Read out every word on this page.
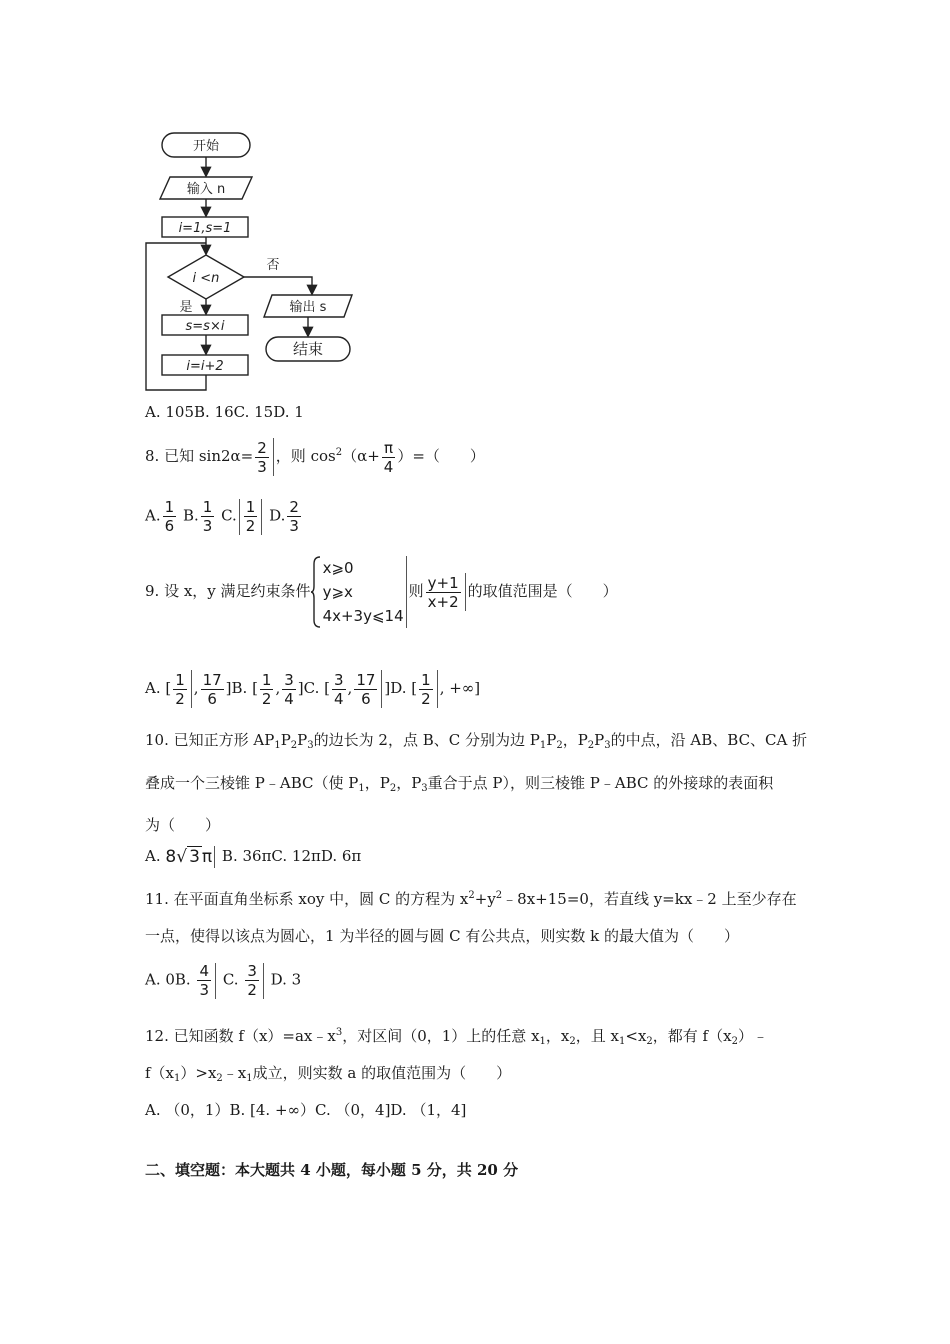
开始
输入 n
i=1,s=1
i <n
否
是	输出 s
结束
s=s×i
i=i+2
A. 105B. 16C. 15D. 1
8. 已知 $\sin 2\alpha= \frac{2}{3}$ ，则 $\cos^2(\alpha+ \frac{\pi}{4}$ ）=（　　）
A. $\frac{1}{6} B$. $\frac{1}{3} C$. $\frac{1}{2} D$. $\frac{2}{3}$
9. 设 x，y 满足约束条件
x⩾0
y⩾x
4x+3y⩽14
则 $\frac{y+1}{x+2}$ 的取值范围是（　　）
A. [ $\frac{1}{2}$ , $\frac{17}{6} ]B$. [ $\frac{1}{2}$ , $\frac{3}{4} ]C$. [ $\frac{3}{4}$ , $\frac{17}{6} ]D$. [ $\frac{1}{2}$ , +∞]
10. 已知正方形 $AP_1P_2P_3$的边长为 2，点 B、C 分别为边 $P_1P_2$，$P_2P_3$的中点，沿 AB、BC、CA 折
叠成一个三棱锥 P﹣ABC（使 $P_1$，$P_2$，$P_3$重合于点 P），则三棱锥 P﹣ABC 的外接球的表面积
为（　　）
A. 8√ 3 π B. 36πC. 12πD. 6π
11. 在平面直角坐标系 xoy 中，圆 C 的方程为 $x^2+y^2﹣8x+15=0$，若直线 y=kx﹣2 上至少存在
一点，使得以该点为圆心，1 为半径的圆与圆 C 有公共点，则实数 k 的最大值为（　　）
A. 0B. $\frac{4}{3} C$. $\frac{3}{2} D$. 3
12. 已知函数 $f(x)=ax﹣x^3$，对区间（0，1）上的任意 $x_1$，$x_2$，且 $x_1<x_2$，都有 $f(x_2)﹣$
$f(x_1)>x_2﹣x_1$成立，则实数 a 的取值范围为（　　）
A. （0，1）B. [4. +∞）C. （0，4]D. （1，4]
二、填空题：本大题共 4 小题，每小题 5 分，共 20 分
